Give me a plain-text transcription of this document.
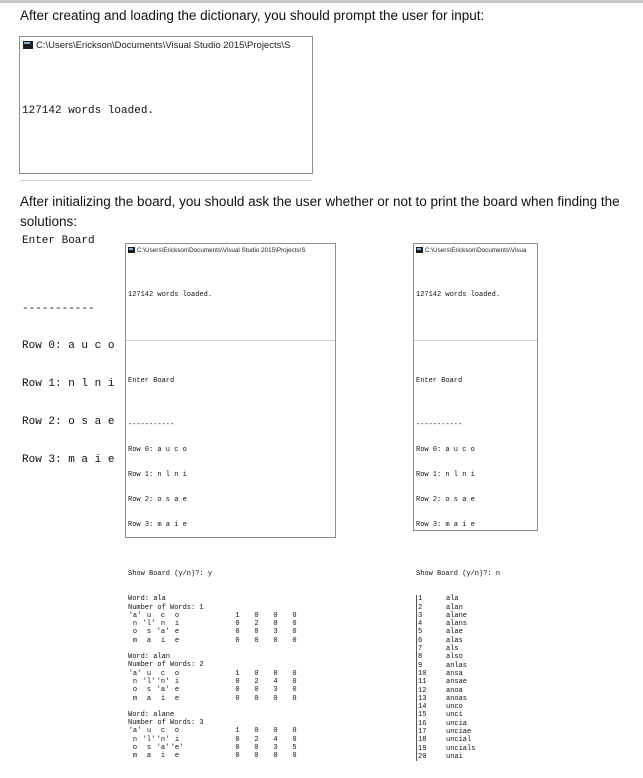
After creating and loading the dictionary, you should prompt the user for input:
C:\Users\Erickson\Documents\Visual Studio 2015\Projects\S

127142 words loaded.

Enter Board

-----------

Row 0: a u c o

Row 1: n l n i

Row 2: o s a e

Row 3: m a i e

After initializing the board, you should ask the user whether or not to print the board when finding the
solutions:
C:\Users\Erickson\Documents\Visual Studio 2015\Projects\S

127142 words loaded.

Enter Board

-----------

Row 0: a u c o

Row 1: n l n i

Row 2: o s a e

Row 3: m a i e

Show Board (y/n)?: y

Word: ala
Number of Words: 1
'a' u	c	o	1	0	0	0
n 'l' n	i	0	2	0	0
o	s 'a' e	0	0	3	0
m	a	i	e	0	0	0	0
Word: alan
Number of Words: 2
'a' u	c	o	1	0	0	0
n 'l' 'n' i	0	2	4	0
o	s 'a' e	0	0	3	0
m	a	i	e	0	0	0	0
Word: alane
Number of Words: 3
'a' u	c	o	1	0	0	0
n 'l' 'n' i	0	2	4	0
o	s 'a' 'e'	0	0	3	5
m	a	i	e	0	0	0	0

C:\Users\Erickson\Documents\Visua

127142 words loaded.

Enter Board

-----------

Row 0: a u c o

Row 1: n l n i

Row 2: o s a e

Row 3: m a i e

Show Board (y/n)?: n

1	ala
2	alan
3	alane
4	alans
5	alae
6	alas
7	als
8	also
9	anlas
10	ansa
11	ansae
12	anoa
13	anoas
14	unco
15	unci
16	uncia
17	unciae
18	uncial
19	uncials
20	unai
